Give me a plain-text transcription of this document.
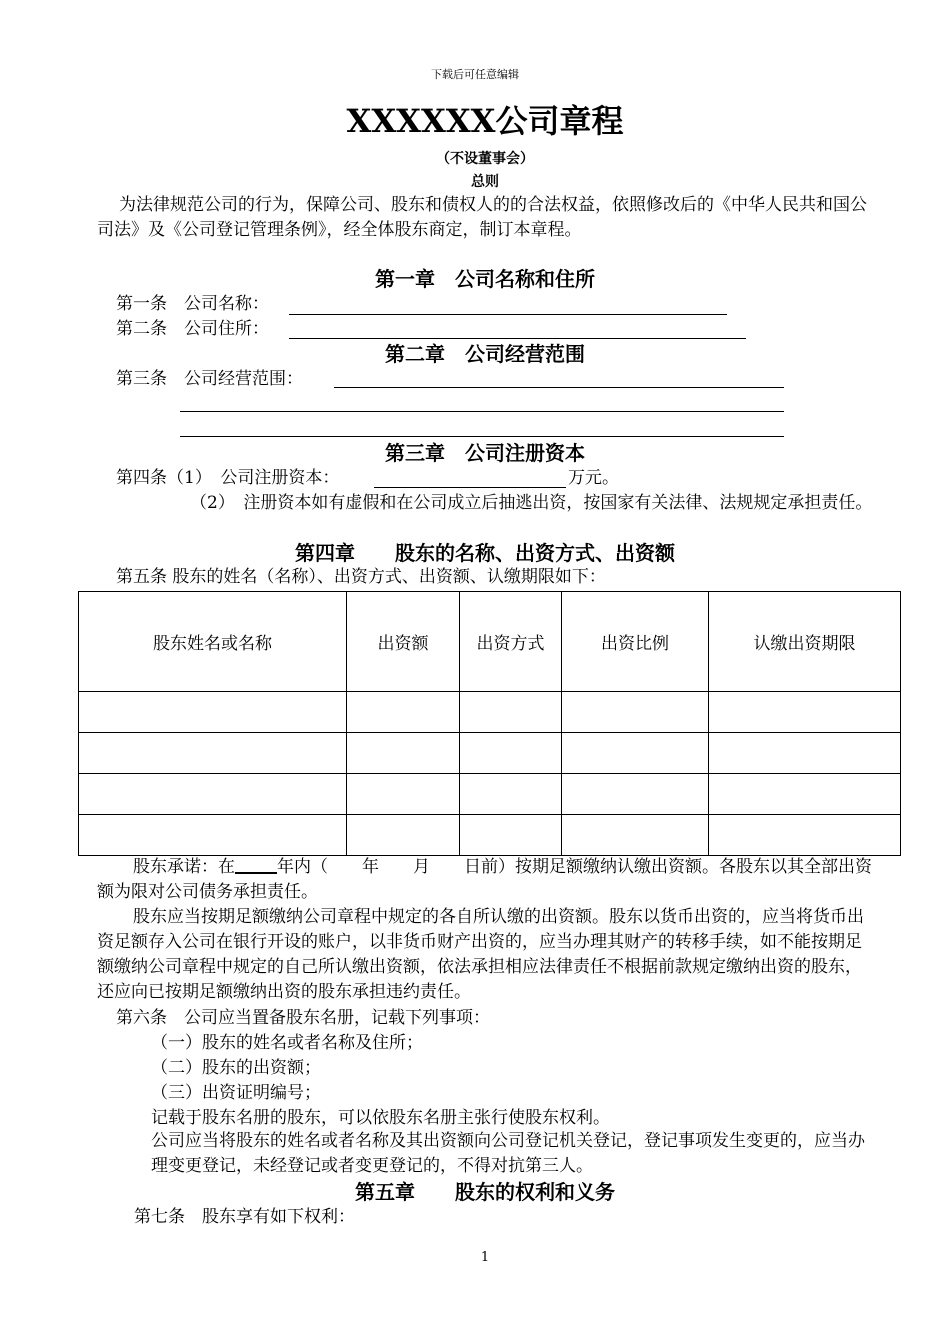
下载后可任意编辑
XXXXXX公司章程
（不设董事会）
总则
为法律规范公司的行为，保障公司、股东和债权人的的合法权益，依照修改后的《中华人民共和国公司法》及《公司登记管理条例》，经全体股东商定，制订本章程。
第一章　公司名称和住所
第一条　公司名称：
第二条　公司住所：
第二章　公司经营范围
第三条　公司经营范围：
第三章　公司注册资本
第四条（1）　公司注册资本：	万元。
（2）　注册资本如有虚假和在公司成立后抽逃出资，按国家有关法律、法规规定承担责任。
第四章　　股东的名称、出资方式、出资额
第五条 股东的姓名（名称）、出资方式、出资额、认缴期限如下：
股东姓名或名称	出资额	出资方式	出资比例	认缴出资期限

股东承诺：在 年内（　　年　　月　　日前）按期足额缴纳认缴出资额。各股东以其全部出资额为限对公司债务承担责任。
股东应当按期足额缴纳公司章程中规定的各自所认缴的出资额。股东以货币出资的，应当将货币出资足额存入公司在银行开设的账户，以非货币财产出资的，应当办理其财产的转移手续，如不能按期足额缴纳公司章程中规定的自己所认缴出资额，依法承担相应法律责任不根据前款规定缴纳出资的股东，还应向已按期足额缴纳出资的股东承担违约责任。
第六条　公司应当置备股东名册，记载下列事项：
（一）股东的姓名或者名称及住所；
（二）股东的出资额；
（三）出资证明编号；
记载于股东名册的股东，可以依股东名册主张行使股东权利。
公司应当将股东的姓名或者名称及其出资额向公司登记机关登记，登记事项发生变更的，应当办理变更登记，未经登记或者变更登记的，不得对抗第三人。
第五章　　股东的权利和义务
第七条　股东享有如下权利：
1
